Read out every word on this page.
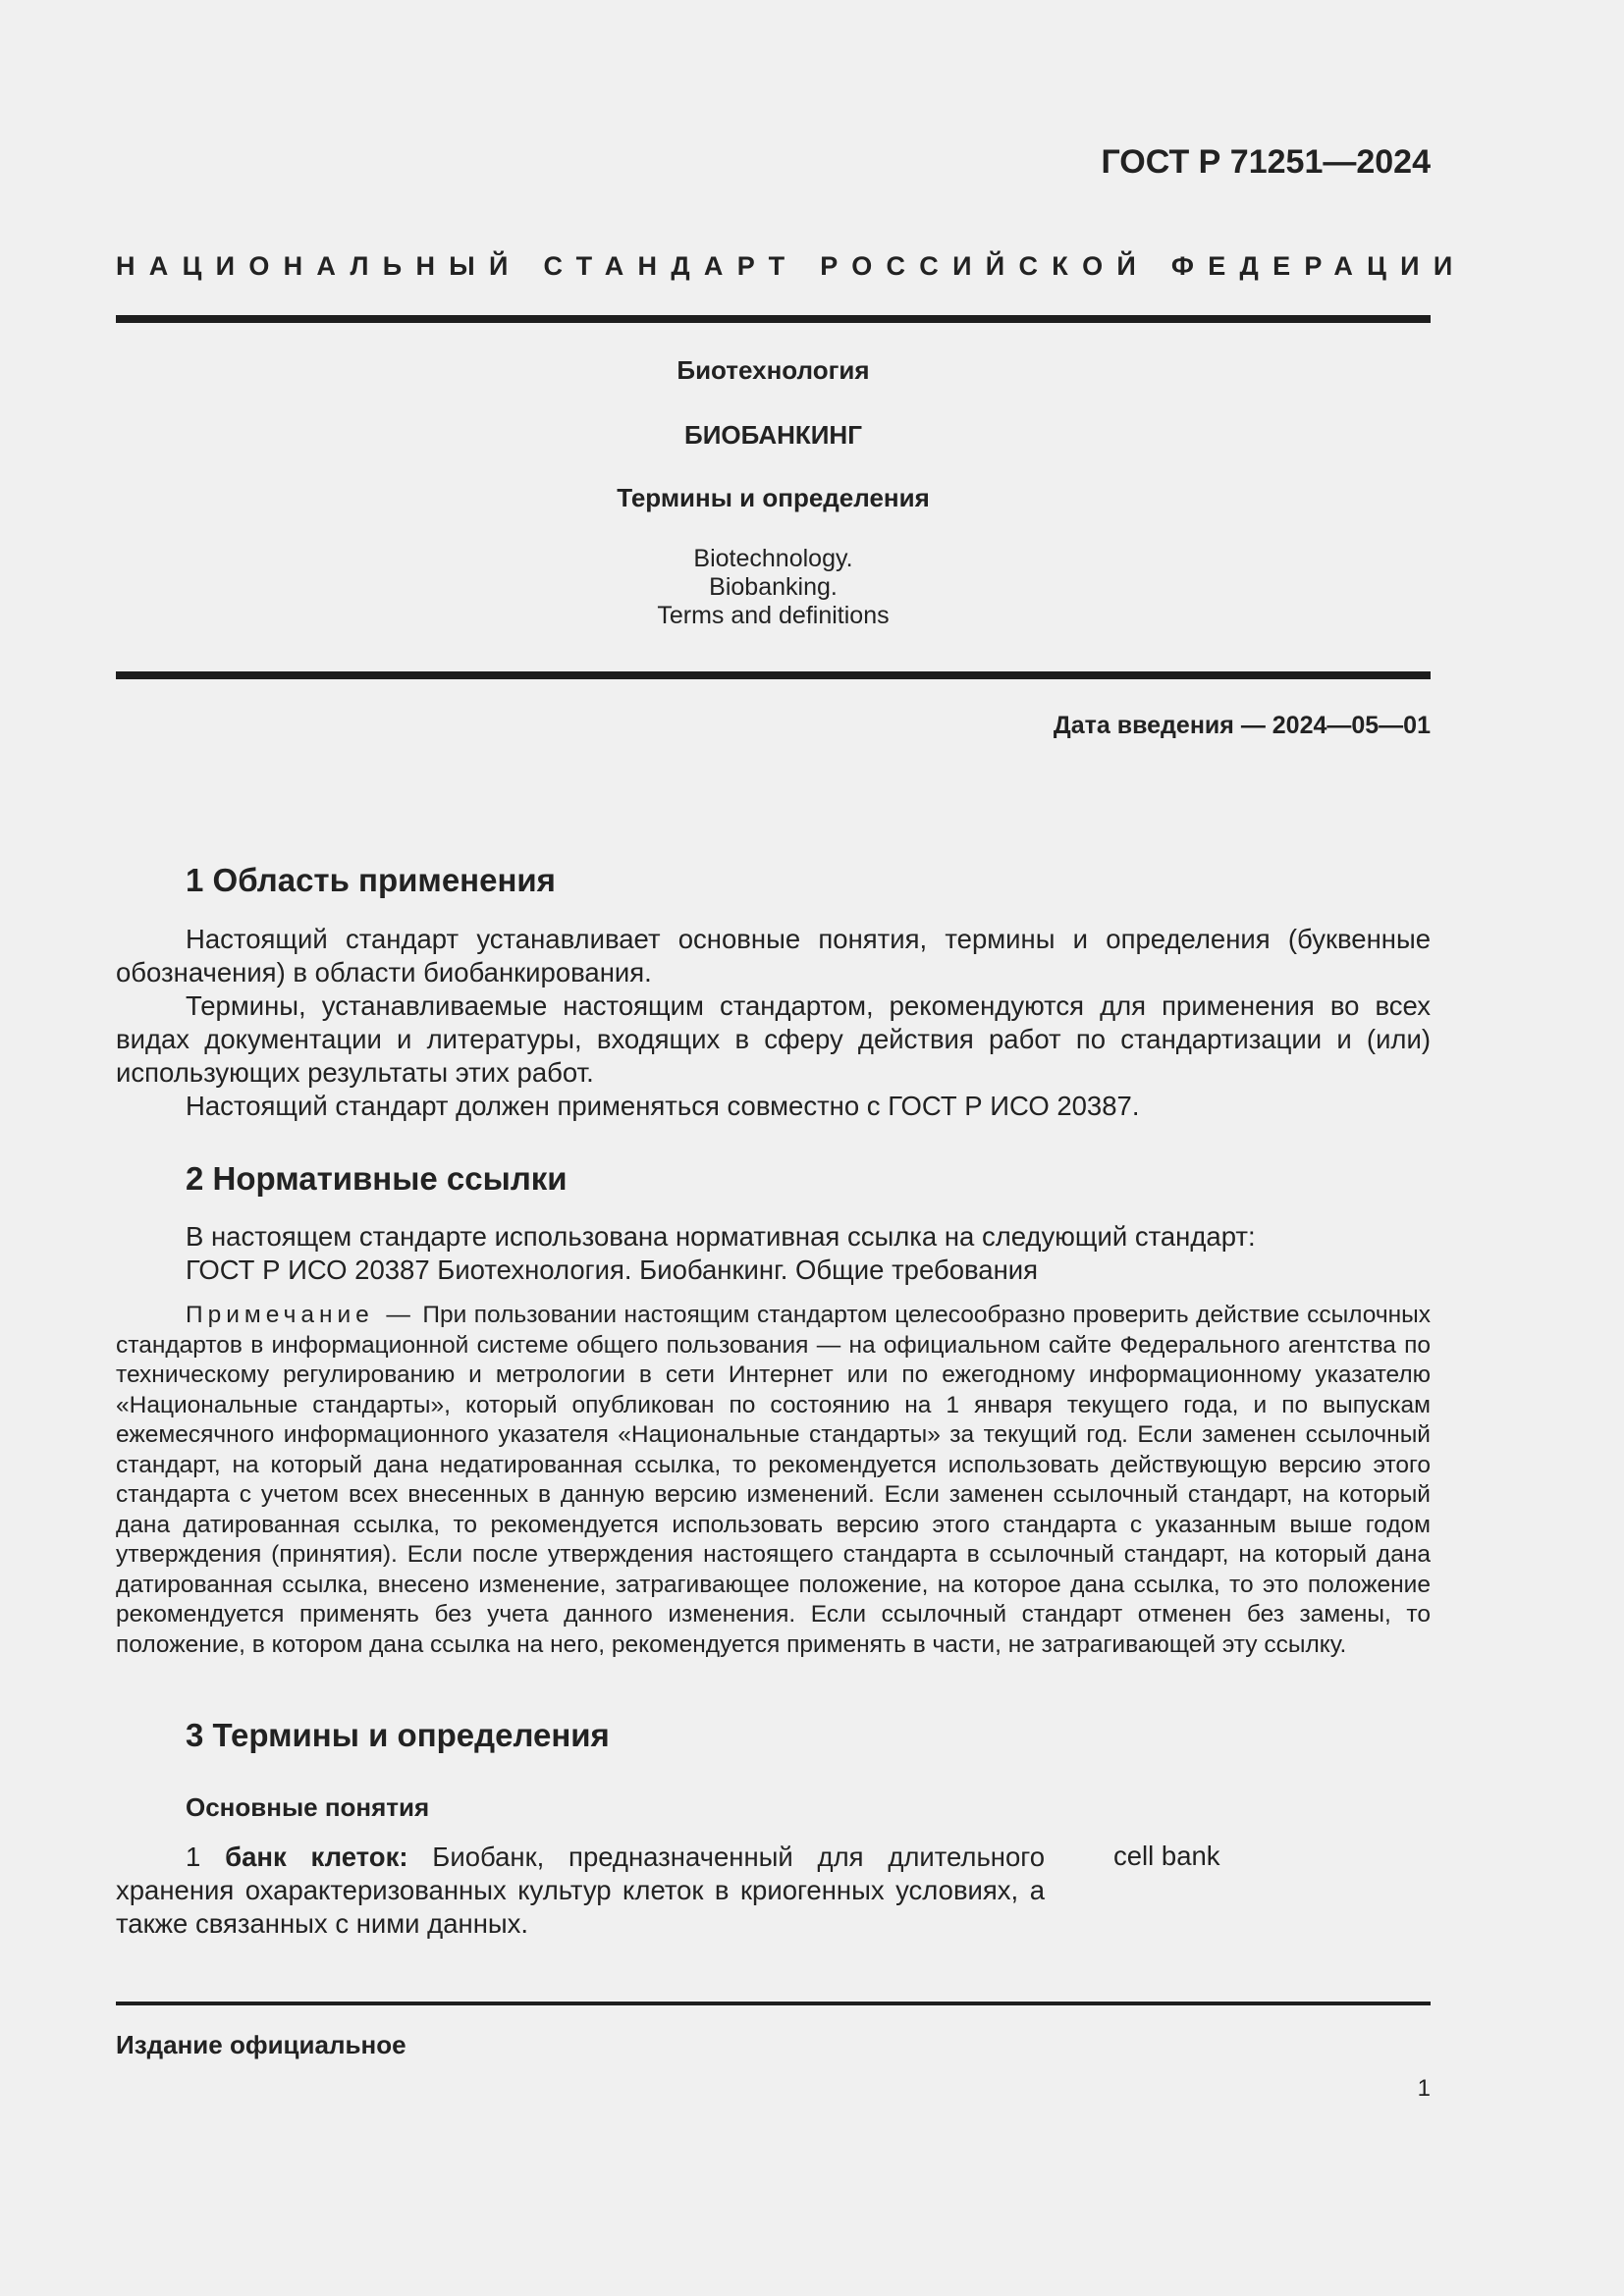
ГОСТ Р 71251—2024
НАЦИОНАЛЬНЫЙ СТАНДАРТ РОССИЙСКОЙ ФЕДЕРАЦИИ
Биотехнология
БИОБАНКИНГ
Термины и определения
Biotechnology.
Biobanking.
Terms and definitions
Дата введения — 2024—05—01
1 Область применения
Настоящий стандарт устанавливает основные понятия, термины и определения (буквенные обозначения) в области биобанкирования.
Термины, устанавливаемые настоящим стандартом, рекомендуются для применения во всех видах документации и литературы, входящих в сферу действия работ по стандартизации и (или) использующих результаты этих работ.
Настоящий стандарт должен применяться совместно с ГОСТ Р ИСО 20387.
2 Нормативные ссылки
В настоящем стандарте использована нормативная ссылка на следующий стандарт:
ГОСТ Р ИСО 20387 Биотехнология. Биобанкинг. Общие требования
Примечание — При пользовании настоящим стандартом целесообразно проверить действие ссылочных стандартов в информационной системе общего пользования — на официальном сайте Федерального агентства по техническому регулированию и метрологии в сети Интернет или по ежегодному информационному указателю «Национальные стандарты», который опубликован по состоянию на 1 января текущего года, и по выпускам ежемесячного информационного указателя «Национальные стандарты» за текущий год. Если заменен ссылочный стандарт, на который дана недатированная ссылка, то рекомендуется использовать действующую версию этого стандарта с учетом всех внесенных в данную версию изменений. Если заменен ссылочный стандарт, на который дана датированная ссылка, то рекомендуется использовать версию этого стандарта с указанным выше годом утверждения (принятия). Если после утверждения настоящего стандарта в ссылочный стандарт, на который дана датированная ссылка, внесено изменение, затрагивающее положение, на которое дана ссылка, то это положение рекомендуется применять без учета данного изменения. Если ссылочный стандарт отменен без замены, то положение, в котором дана ссылка на него, рекомендуется применять в части, не затрагивающей эту ссылку.
3 Термины и определения
Основные понятия
1 банк клеток: Биобанк, предназначенный для длительного хранения охарактеризованных культур клеток в криогенных условиях, а также связанных с ними данных.
cell bank
Издание официальное
1
